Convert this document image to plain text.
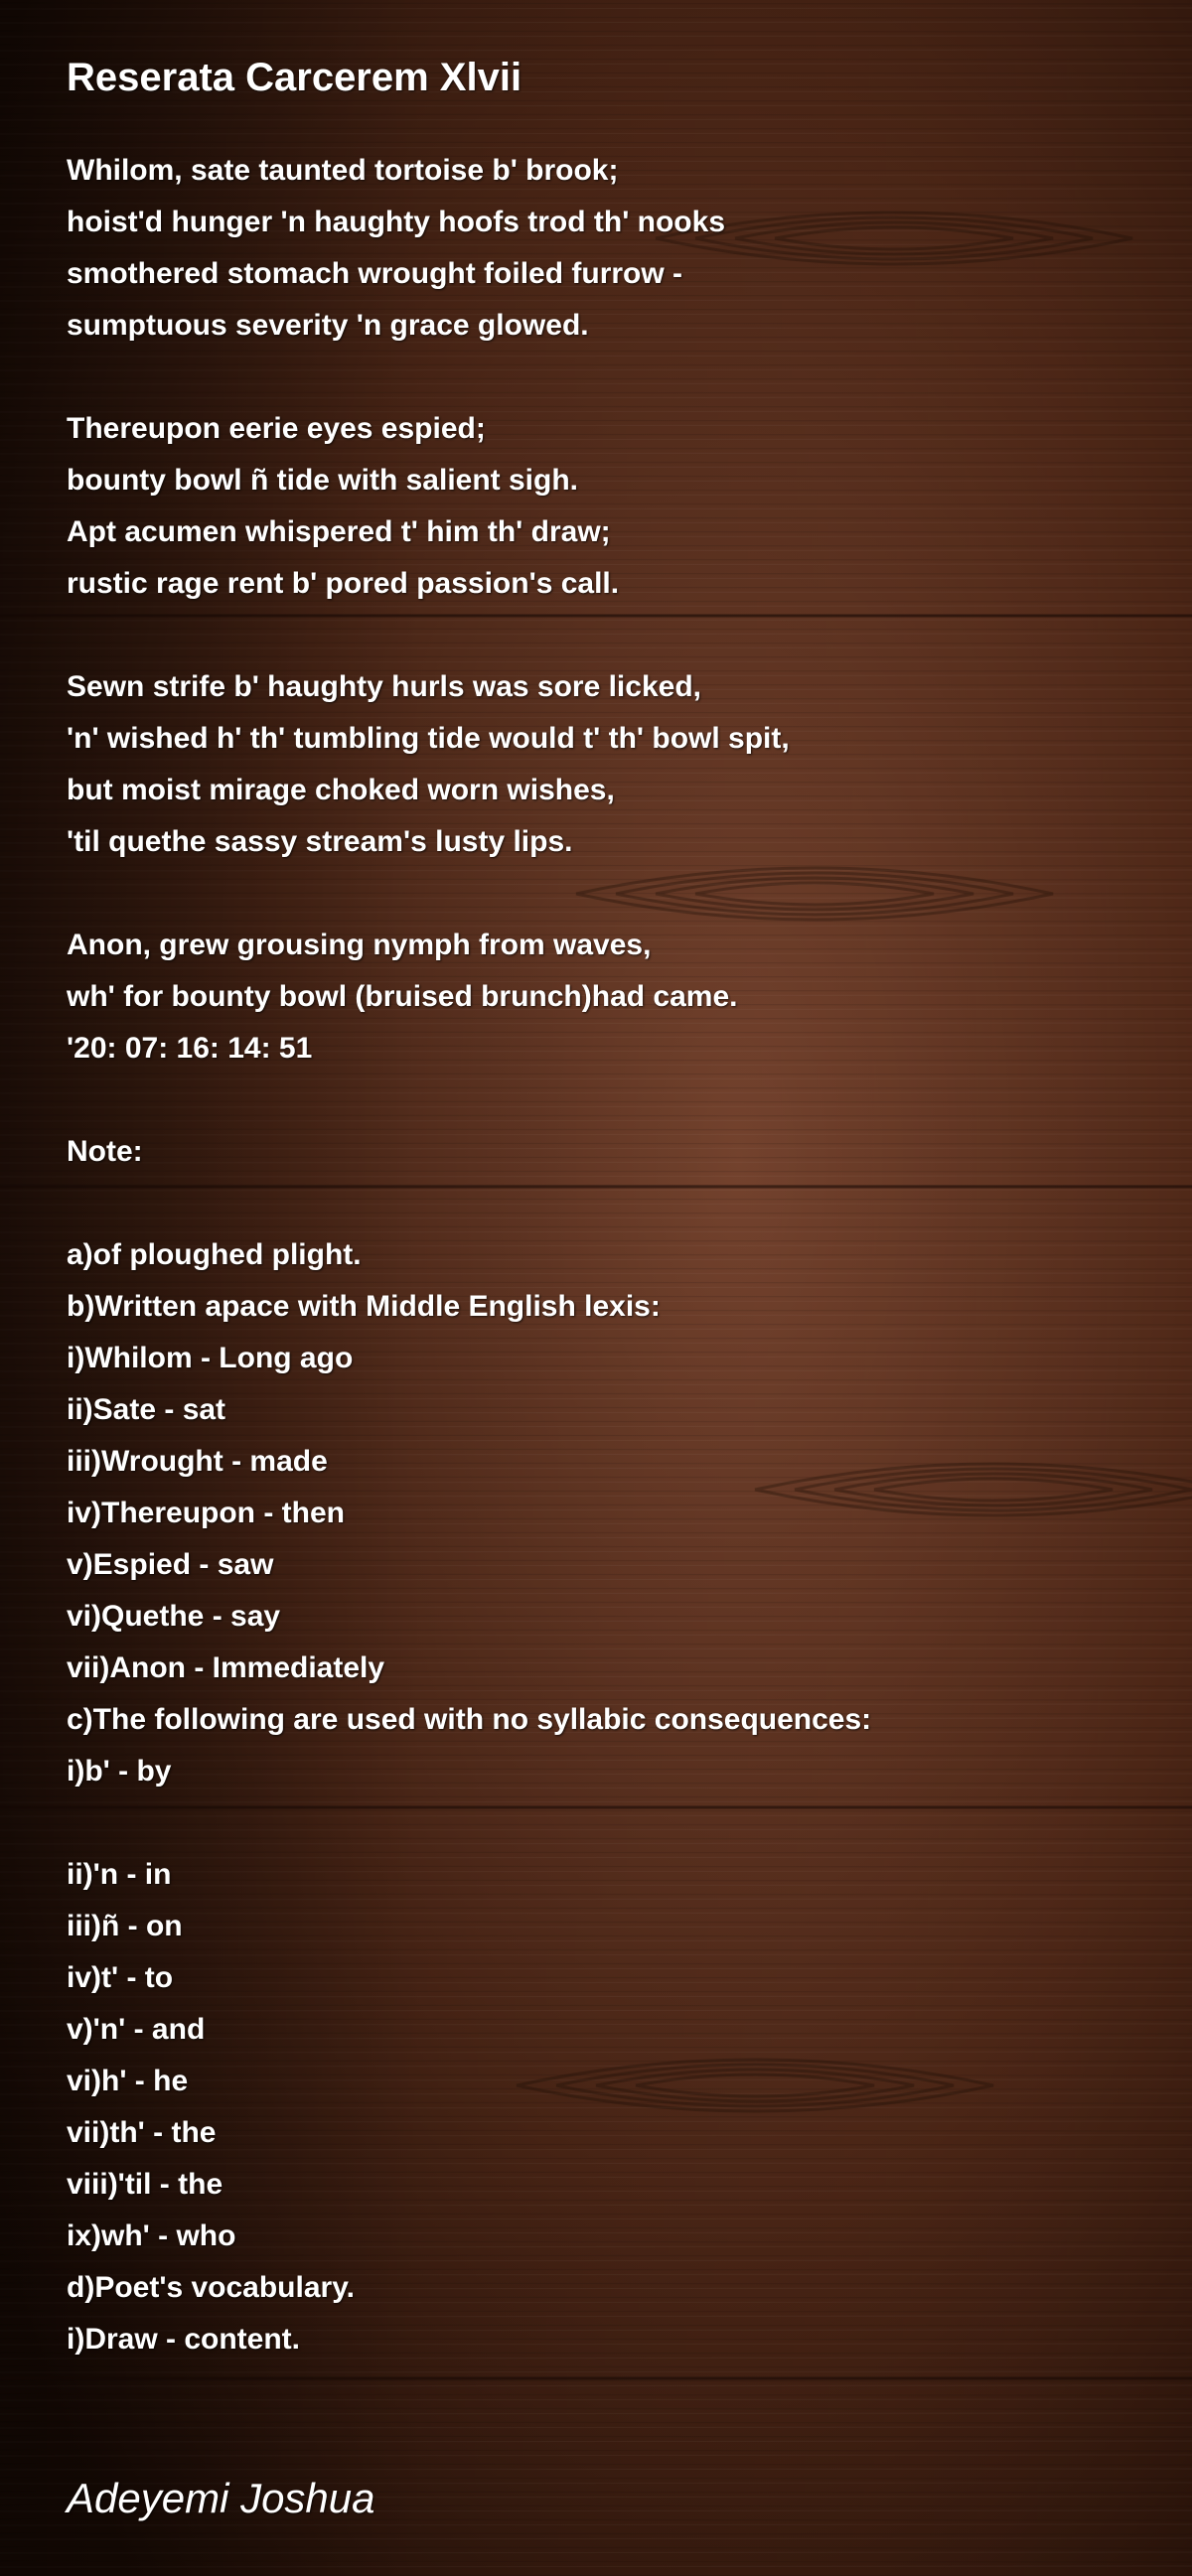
Reserata Carcerem Xlvii
Whilom, sate taunted tortoise b' brook;
hoist'd hunger 'n haughty hoofs trod th' nooks
smothered stomach wrought foiled furrow -
sumptuous severity 'n grace glowed.
Thereupon eerie eyes espied;
bounty bowl ñ tide with salient sigh.
Apt acumen whispered t' him th' draw;
rustic rage rent b' pored passion's call.
Sewn strife b' haughty hurls was sore licked,
'n' wished h' th' tumbling tide would t' th' bowl spit,
but moist mirage choked worn wishes,
'til quethe sassy stream's lusty lips.
Anon, grew grousing nymph from waves,
wh' for bounty bowl (bruised brunch)had came.
'20: 07: 16: 14: 51
Note:
a)of ploughed plight.
b)Written apace with Middle English lexis:
i)Whilom - Long ago
ii)Sate - sat
iii)Wrought - made
iv)Thereupon - then
v)Espied - saw
vi)Quethe - say
vii)Anon - Immediately
c)The following are used with no syllabic consequences:
i)b' - by
ii)'n - in
iii)ñ - on
iv)t' - to
v)'n' - and
vi)h' - he
vii)th' - the
viii)'til - the
ix)wh' - who
d)Poet's vocabulary.
i)Draw - content.
Adeyemi Joshua
